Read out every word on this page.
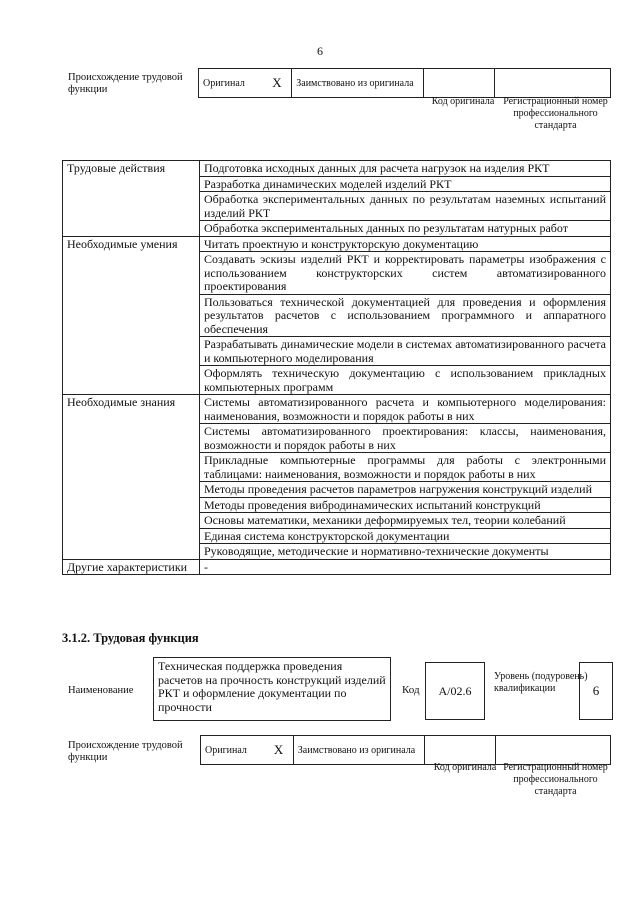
6
Происхождение трудовой функции
Оригинал	X	Заимствовано из оригинала		
Код оригинала Регистрационный номер профессионального стандарта
Трудовые действия	Подготовка исходных данных для расчета нагрузок на изделия РКТ
	Разработка динамических моделей изделий РКТ
	Обработка экспериментальных данных по результатам наземных испытаний изделий РКТ
	Обработка экспериментальных данных по результатам натурных работ
Необходимые умения	Читать проектную и конструкторскую документацию
	Создавать эскизы изделий РКТ и корректировать параметры изображения с использованием конструкторских систем автоматизированного проектирования
	Пользоваться технической документацией для проведения и оформления результатов расчетов с использованием программного и аппаратного обеспечения
	Разрабатывать динамические модели в системах автоматизированного расчета и компьютерного моделирования
	Оформлять техническую документацию с использованием прикладных компьютерных программ
Необходимые знания	Системы автоматизированного расчета и компьютерного моделирования: наименования, возможности и порядок работы в них
	Системы автоматизированного проектирования: классы, наименования, возможности и порядок работы в них
	Прикладные компьютерные программы для работы с электронными таблицами: наименования, возможности и порядок работы в них
	Методы проведения расчетов параметров нагружения конструкций изделий
	Методы проведения вибродинамических испытаний конструкций
	Основы математики, механики деформируемых тел, теории колебаний
	Единая система конструкторской документации
	Руководящие, методические и нормативно-технические документы
Другие характеристики	-
3.1.2. Трудовая функция
Наименование
Техническая поддержка проведения расчетов на прочность конструкций изделий РКТ и оформление документации по прочности
Код	A/02.6
Уровень (подуровень) квалификации	6
Происхождение трудовой функции
Оригинал	X	Заимствовано из оригинала		
Код оригинала Регистрационный номер профессионального стандарта
